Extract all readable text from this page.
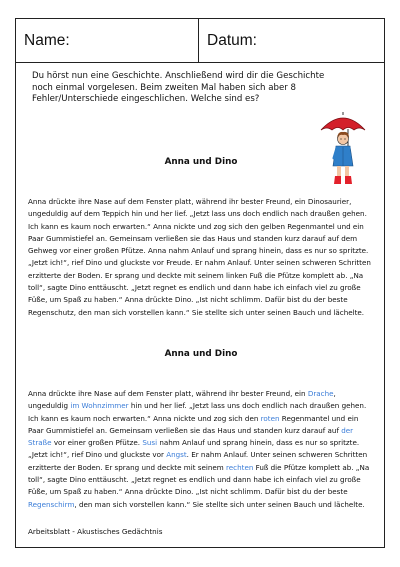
Name:	Datum:
Du hörst nun eine Geschichte. Anschließend wird dir die Geschichte noch einmal vorgelesen. Beim zweiten Mal haben sich aber 8 Fehler/Unterschiede eingeschlichen. Welche sind es?
Anna und Dino
Anna drückte ihre Nase auf dem Fenster platt, während ihr bester Freund, ein Dinosaurier, ungeduldig auf dem Teppich hin und her lief. „Jetzt lass uns doch endlich nach draußen gehen. Ich kann es kaum noch erwarten.“ Anna nickte und zog sich den gelben Regenmantel und ein Paar Gummistiefel an. Gemeinsam verließen sie das Haus und standen kurz darauf auf dem Gehweg vor einer großen Pfütze. Anna nahm Anlauf und sprang hinein, dass es nur so spritzte. „Jetzt ich!“, rief Dino und gluckste vor Freude. Er nahm Anlauf. Unter seinen schweren Schritten erzitterte der Boden. Er sprang und deckte mit seinem linken Fuß die Pfütze komplett ab. „Na toll“, sagte Dino enttäuscht. „Jetzt regnet es endlich und dann habe ich einfach viel zu große Füße, um Spaß zu haben.“ Anna drückte Dino. „Ist nicht schlimm. Dafür bist du der beste Regenschutz, den man sich vorstellen kann.“ Sie stellte sich unter seinen Bauch und lächelte.
Anna und Dino
Anna drückte ihre Nase auf dem Fenster platt, während ihr bester Freund, ein Drache, ungeduldig im Wohnzimmer hin und her lief. „Jetzt lass uns doch endlich nach draußen gehen. Ich kann es kaum noch erwarten.“ Anna nickte und zog sich den roten Regenmantel und ein Paar Gummistiefel an. Gemeinsam verließen sie das Haus und standen kurz darauf auf der Straße vor einer großen Pfütze. Susi nahm Anlauf und sprang hinein, dass es nur so spritzte. „Jetzt ich!“, rief Dino und gluckste vor Angst. Er nahm Anlauf. Unter seinen schweren Schritten erzitterte der Boden. Er sprang und deckte mit seinem rechten Fuß die Pfütze komplett ab. „Na toll“, sagte Dino enttäuscht. „Jetzt regnet es endlich und dann habe ich einfach viel zu große Füße, um Spaß zu haben.“ Anna drückte Dino. „Ist nicht schlimm. Dafür bist du der beste Regenschirm, den man sich vorstellen kann.“ Sie stellte sich unter seinen Bauch und lächelte.
Arbeitsblatt - Akustisches Gedächtnis
